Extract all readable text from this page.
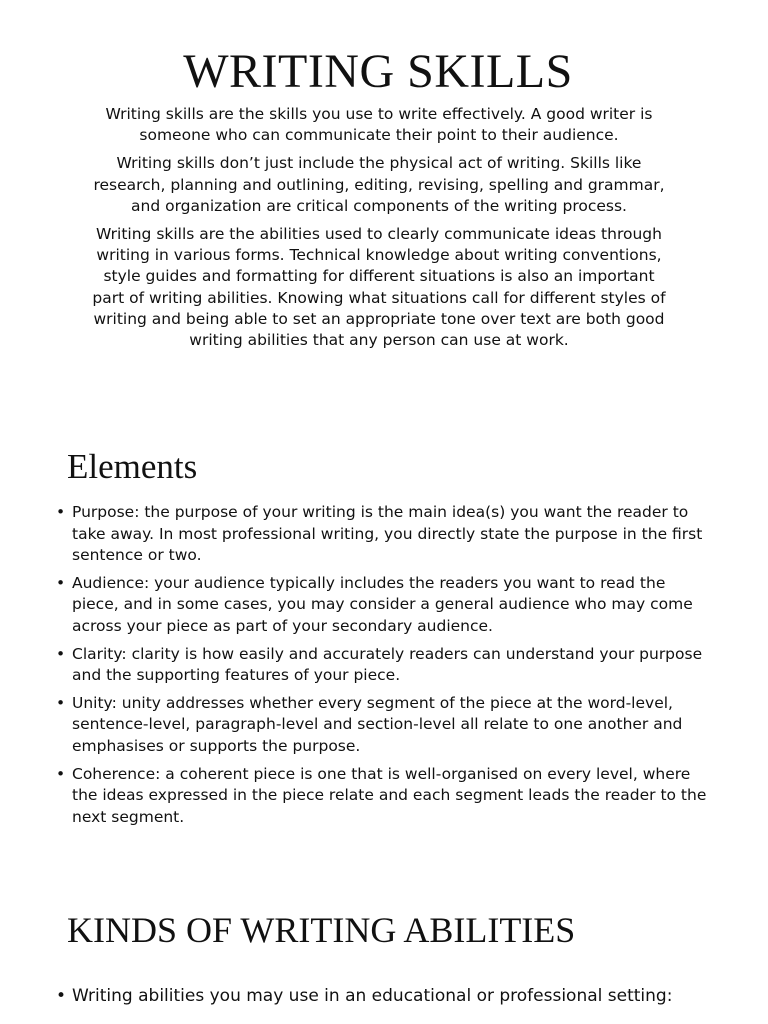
WRITING SKILLS

Writing skills are the skills you use to write effectively. A good writer is someone who can communicate their point to their audience.

Writing skills don’t just include the physical act of writing. Skills like research, planning and outlining, editing, revising, spelling and grammar, and organization are critical components of the writing process.

Writing skills are the abilities used to clearly communicate ideas through writing in various forms. Technical knowledge about writing conventions, style guides and formatting for different situations is also an important part of writing abilities. Knowing what situations call for different styles of writing and being able to set an appropriate tone over text are both good writing abilities that any person can use at work.

Elements
• Purpose: the purpose of your writing is the main idea(s) you want the reader to take away. In most professional writing, you directly state the purpose in the first sentence or two.
• Audience: your audience typically includes the readers you want to read the piece, and in some cases, you may consider a general audience who may come across your piece as part of your secondary audience.
• Clarity: clarity is how easily and accurately readers can understand your purpose and the supporting features of your piece.
• Unity: unity addresses whether every segment of the piece at the word-level, sentence-level, paragraph-level and section-level all relate to one another and emphasises or supports the purpose.
• Coherence: a coherent piece is one that is well-organised on every level, where the ideas expressed in the piece relate and each segment leads the reader to the next segment.
KINDS OF WRITING ABILITIES
• Writing abilities you may use in an educational or professional setting:
